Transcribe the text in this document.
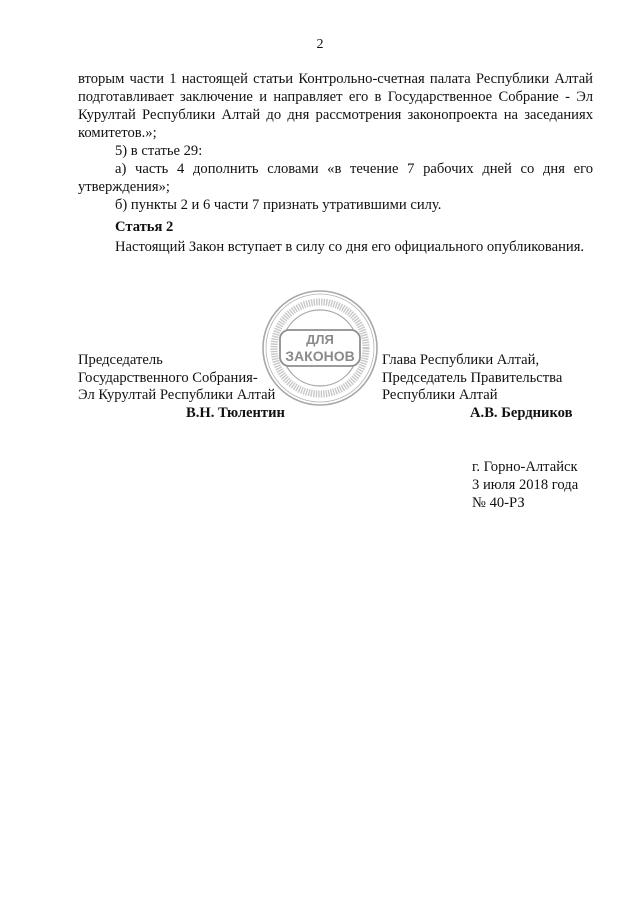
2

вторым части 1 настоящей статьи Контрольно-счетная палата Республики Алтай подготавливает заключение и направляет его в Государственное Собрание - Эл Курултай Республики Алтай до дня рассмотрения законопроекта на заседаниях комитетов.»;

5) в статье 29:

а) часть 4 дополнить словами «в течение 7 рабочих дней со дня его утверждения»;

б) пункты 2 и 6 части 7 признать утратившими силу.

Статья 2

Настоящий Закон вступает в силу со дня его официального опубликования.

ДЛЯ
ЗАКОНОВ
Председатель
Государственного Собрания-
Эл Курултай Республики Алтай
В.Н. Тюлентин
Глава Республики Алтай,
Председатель Правительства
Республики Алтай
А.В. Бердников
г. Горно-Алтайск
3 июля 2018 года
№ 40-РЗ
